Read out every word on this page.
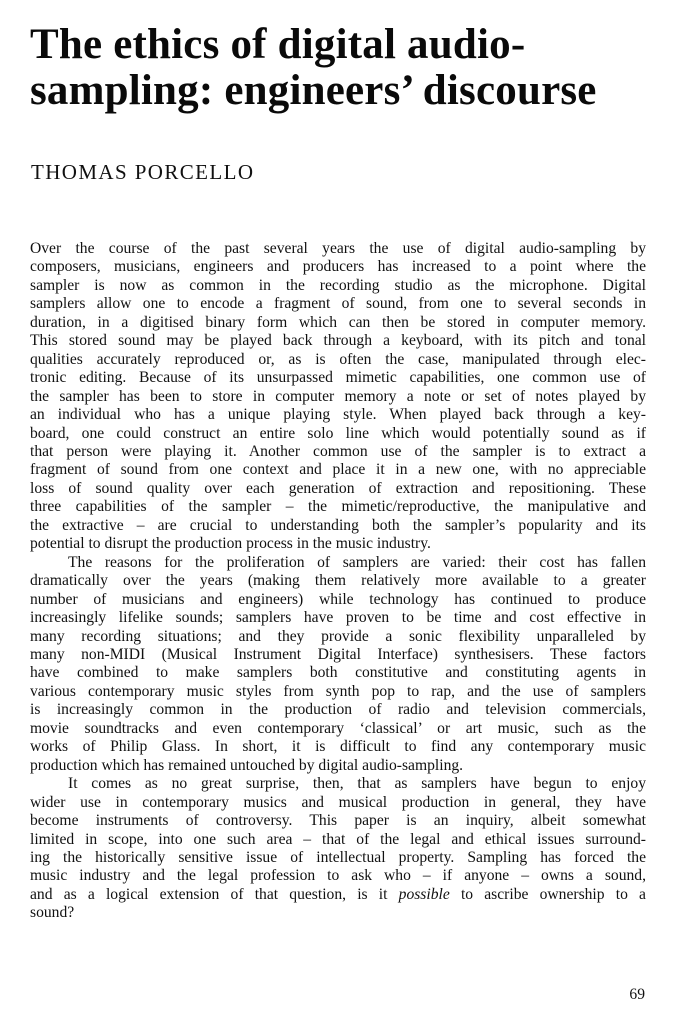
The ethics of digital audio-
sampling: engineers’ discourse
THOMAS PORCELLO

Over the course of the past several years the use of digital audio-sampling by
composers, musicians, engineers and producers has increased to a point where the
sampler is now as common in the recording studio as the microphone. Digital
samplers allow one to encode a fragment of sound, from one to several seconds in
duration, in a digitised binary form which can then be stored in computer memory.
This stored sound may be played back through a keyboard, with its pitch and tonal
qualities accurately reproduced or, as is often the case, manipulated through elec-
tronic editing. Because of its unsurpassed mimetic capabilities, one common use of
the sampler has been to store in computer memory a note or set of notes played by
an individual who has a unique playing style. When played back through a key-
board, one could construct an entire solo line which would potentially sound as if
that person were playing it. Another common use of the sampler is to extract a
fragment of sound from one context and place it in a new one, with no appreciable
loss of sound quality over each generation of extraction and repositioning. These
three capabilities of the sampler – the mimetic/reproductive, the manipulative and
the extractive – are crucial to understanding both the sampler’s popularity and its
potential to disrupt the production process in the music industry.

The reasons for the proliferation of samplers are varied: their cost has fallen
dramatically over the years (making them relatively more available to a greater
number of musicians and engineers) while technology has continued to produce
increasingly lifelike sounds; samplers have proven to be time and cost effective in
many recording situations; and they provide a sonic flexibility unparalleled by
many non-MIDI (Musical Instrument Digital Interface) synthesisers. These factors
have combined to make samplers both constitutive and constituting agents in
various contemporary music styles from synth pop to rap, and the use of samplers
is increasingly common in the production of radio and television commercials,
movie soundtracks and even contemporary ‘classical’ or art music, such as the
works of Philip Glass. In short, it is difficult to find any contemporary music
production which has remained untouched by digital audio-sampling.

It comes as no great surprise, then, that as samplers have begun to enjoy
wider use in contemporary musics and musical production in general, they have
become instruments of controversy. This paper is an inquiry, albeit somewhat
limited in scope, into one such area – that of the legal and ethical issues surround-
ing the historically sensitive issue of intellectual property. Sampling has forced the
music industry and the legal profession to ask who – if anyone – owns a sound,
and as a logical extension of that question, is it possible to ascribe ownership to a
sound?

69
